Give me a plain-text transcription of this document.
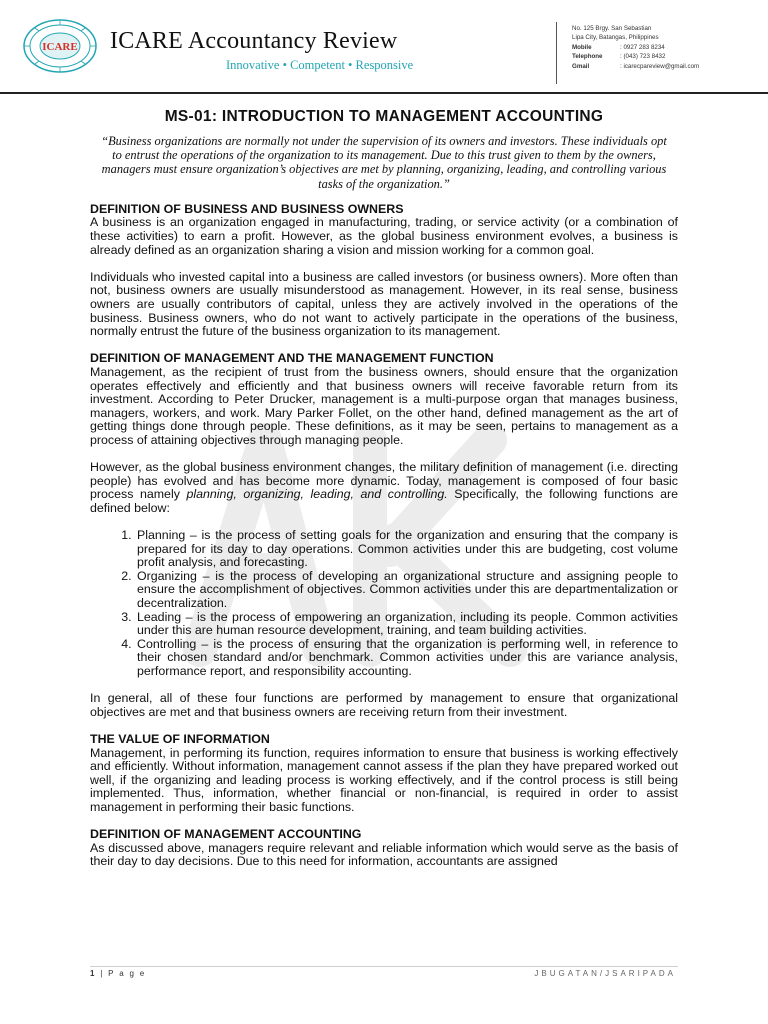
ICARE ICARE Accountancy Review
Innovative • Competent • Responsive
No. 125 Brgy. San Sebastian
Lipa City, Batangas, Philippines
Mobile	: 0927 283 8234
Telephone	: (043) 723 8432
Gmail	: icarecpareview@gmail.com
MS-01: INTRODUCTION TO MANAGEMENT ACCOUNTING
“Business organizations are normally not under the supervision of its owners and investors. These individuals opt to entrust the operations of the organization to its management. Due to this trust given to them by the owners, managers must ensure organization’s objectives are met by planning, organizing, leading, and controlling various tasks of the organization.”
DEFINITION OF BUSINESS AND BUSINESS OWNERS

A business is an organization engaged in manufacturing, trading, or service activity (or a combination of these activities) to earn a profit. However, as the global business environment evolves, a business is already defined as an organization sharing a vision and mission working for a common goal.

Individuals who invested capital into a business are called investors (or business owners). More often than not, business owners are usually misunderstood as management. However, in its real sense, business owners are usually contributors of capital, unless they are actively involved in the operations of the business. Business owners, who do not want to actively participate in the operations of the business, normally entrust the future of the business organization to its management.

DEFINITION OF MANAGEMENT AND THE MANAGEMENT FUNCTION

Management, as the recipient of trust from the business owners, should ensure that the organization operates effectively and efficiently and that business owners will receive favorable return from its investment. According to Peter Drucker, management is a multi-purpose organ that manages business, managers, workers, and work. Mary Parker Follet, on the other hand, defined management as the art of getting things done through people. These definitions, as it may be seen, pertains to management as a process of attaining objectives through managing people.

However, as the global business environment changes, the military definition of management (i.e. directing people) has evolved and has become more dynamic. Today, management is composed of four basic process namely planning, organizing, leading, and controlling. Specifically, the following functions are defined below:

1. Planning – is the process of setting goals for the organization and ensuring that the company is prepared for its day to day operations. Common activities under this are budgeting, cost volume profit analysis, and forecasting.
2. Organizing – is the process of developing an organizational structure and assigning people to ensure the accomplishment of objectives. Common activities under this are departmentalization or decentralization.
3. Leading – is the process of empowering an organization, including its people. Common activities under this are human resource development, training, and team building activities.
4. Controlling – is the process of ensuring that the organization is performing well, in reference to their chosen standard and/or benchmark. Common activities under this are variance analysis, performance report, and responsibility accounting.

In general, all of these four functions are performed by management to ensure that organizational objectives are met and that business owners are receiving return from their investment.

THE VALUE OF INFORMATION

Management, in performing its function, requires information to ensure that business is working effectively and efficiently. Without information, management cannot assess if the plan they have prepared worked out well, if the organizing and leading process is working effectively, and if the control process is still being implemented. Thus, information, whether financial or non-financial, is required in order to assist management in performing their basic functions.

DEFINITION OF MANAGEMENT ACCOUNTING

As discussed above, managers require relevant and reliable information which would serve as the basis of their day to day decisions. Due to this need for information, accountants are assigned

1 | P a g e	JBUGATAN/JSARIPADA
